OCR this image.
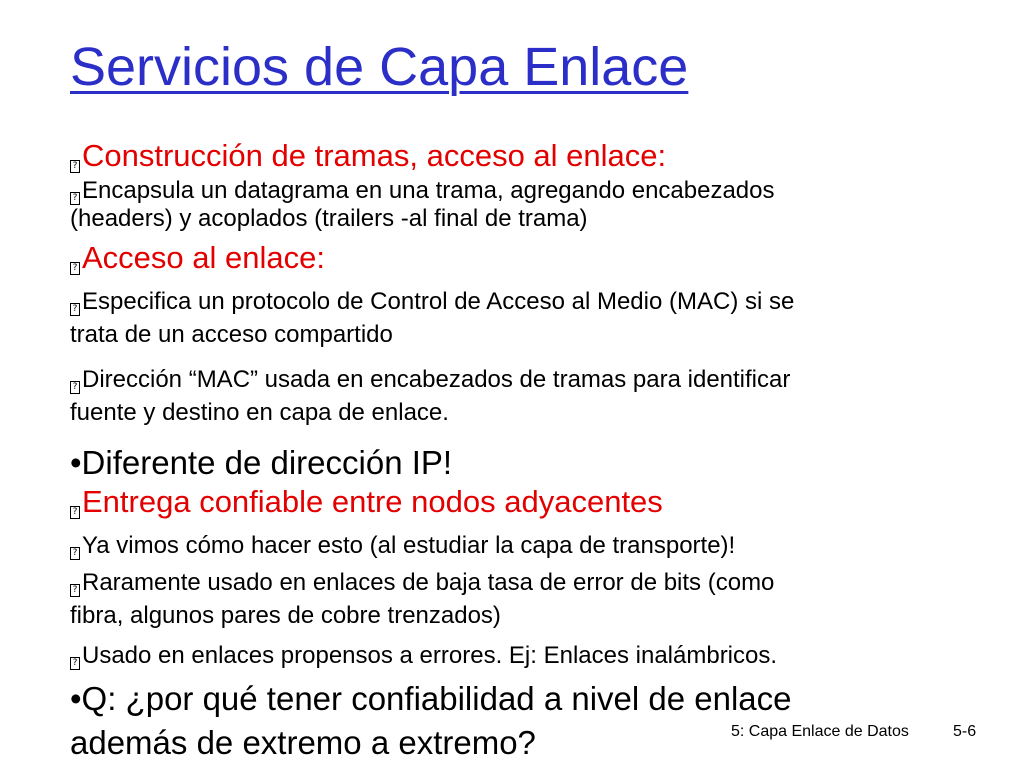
Servicios de Capa Enlace
? Construcción de tramas, acceso al enlace:
? Encapsula un datagrama en una trama, agregando encabezados
(headers) y acoplados (trailers -al final de trama)
? Acceso al enlace:
? Especifica un protocolo de Control de Acceso al Medio (MAC) si se
trata de un acceso compartido
? Dirección “MAC” usada en encabezados de tramas para identificar
fuente y destino en capa de enlace.
•Diferente de dirección IP!
? Entrega confiable entre nodos adyacentes
? Ya vimos cómo hacer esto (al estudiar la capa de transporte)!
? Raramente usado en enlaces de baja tasa de error de bits (como
fibra, algunos pares de cobre trenzados)
? Usado en enlaces propensos a errores. Ej: Enlaces inalámbricos.
•Q: ¿por qué tener confiabilidad a nivel de enlace
además de extremo a extremo?	5: Capa Enlace de Datos	5-6
